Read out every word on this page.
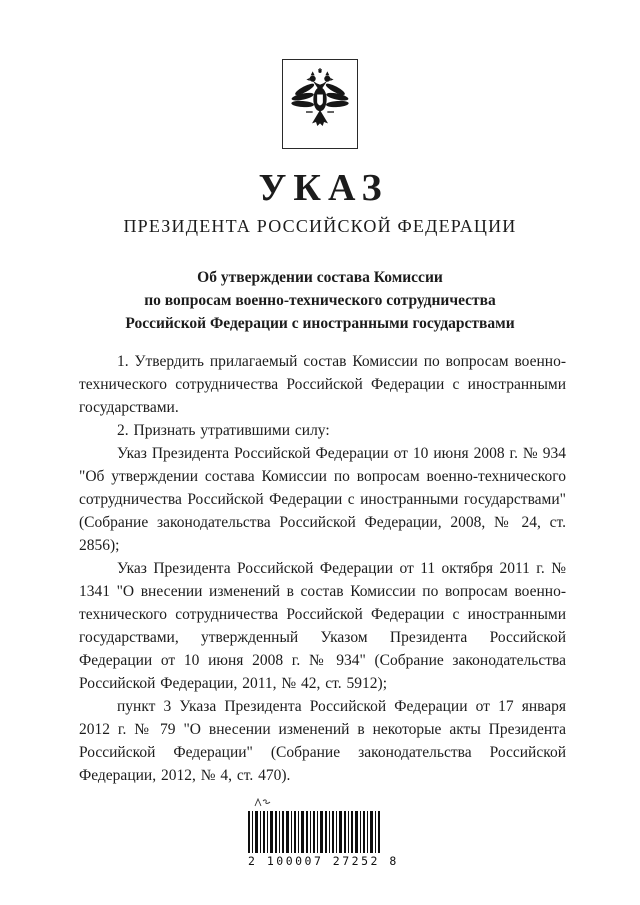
УКАЗ
ПРЕЗИДЕНТА РОССИЙСКОЙ ФЕДЕРАЦИИ
Об утверждении состава Комиссии
по вопросам военно-технического сотрудничества
Российской Федерации с иностранными государствами

1. Утвердить прилагаемый состав Комиссии по вопросам военно-технического сотрудничества Российской Федерации с иностранными государствами.

2. Признать утратившими силу:

Указ Президента Российской Федерации от 10 июня 2008 г. № 934 "Об утверждении состава Комиссии по вопросам военно-технического сотрудничества Российской Федерации с иностранными государствами" (Собрание законодательства Российской Федерации, 2008, № 24, ст. 2856);

Указ Президента Российской Федерации от 11 октября 2011 г. № 1341 "О внесении изменений в состав Комиссии по вопросам военно-технического сотрудничества Российской Федерации с иностранными государствами, утвержденный Указом Президента Российской Федерации от 10 июня 2008 г. № 934" (Собрание законодательства Российской Федерации, 2011, № 42, ст. 5912);

пункт 3 Указа Президента Российской Федерации от 17 января 2012 г. № 79 "О внесении изменений в некоторые акты Президента Российской Федерации" (Собрание законодательства Российской Федерации, 2012, № 4, ст. 470).

2 100007 27252 8
